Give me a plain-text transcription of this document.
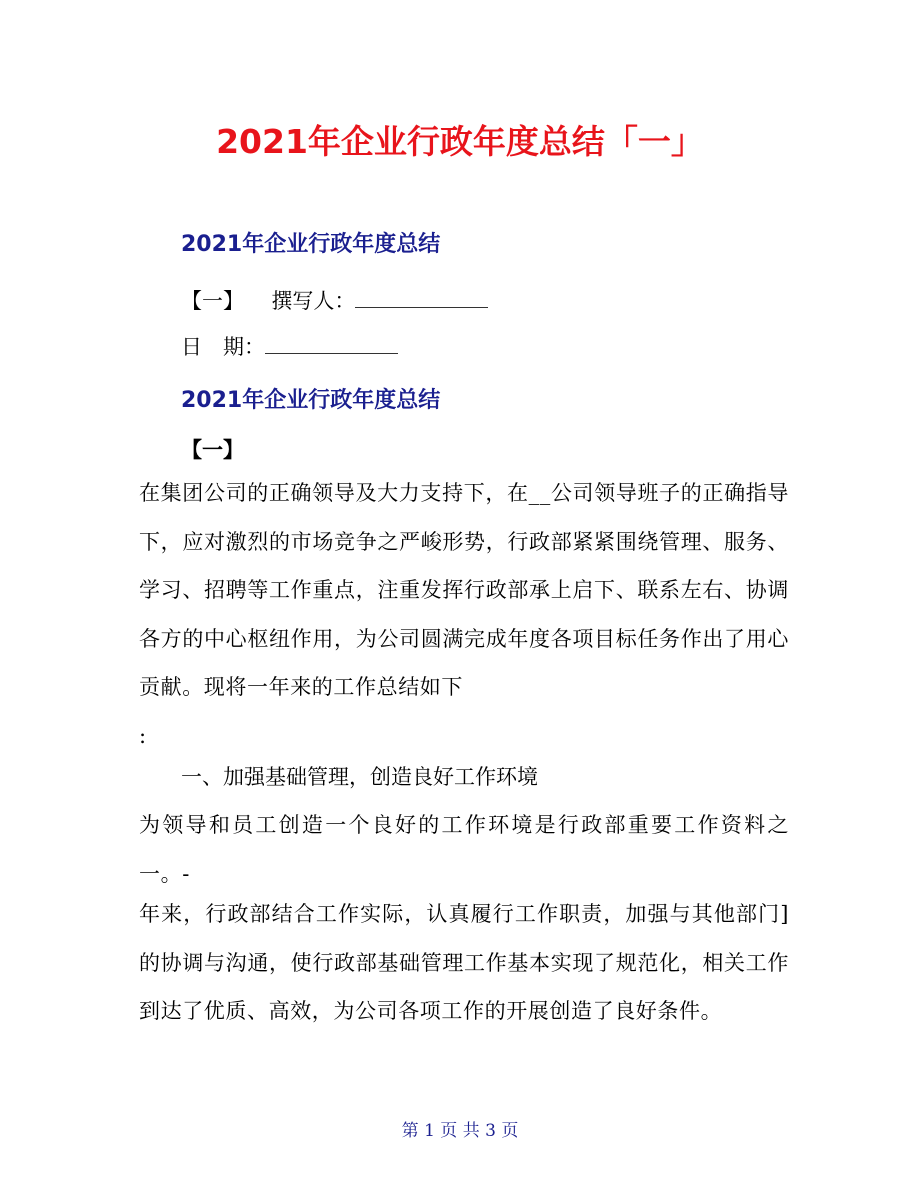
2021年企业行政年度总结「一」
2021年企业行政年度总结
【一】 撰写人：
日　期：
2021年企业行政年度总结
【一】

在集团公司的正确领导及大力支持下，在__公司领导班子的正确指导下，应对激烈的市场竞争之严峻形势，行政部紧紧围绕管理、服务、学习、招聘等工作重点，注重发挥行政部承上启下、联系左右、协调各方的中心枢纽作用，为公司圆满完成年度各项目标任务作出了用心贡献。现将一年来的工作总结如下
:

一、加强基础管理，创造良好工作环境

为领导和员工创造一个良好的工作环境是行政部重要工作资料之一。-

年来，行政部结合工作实际，认真履行工作职责，加强与其他部门]的协调与沟通，使行政部基础管理工作基本实现了规范化，相关工作到达了优质、高效，为公司各项工作的开展创造了良好条件。

第 1 页 共 3 页
